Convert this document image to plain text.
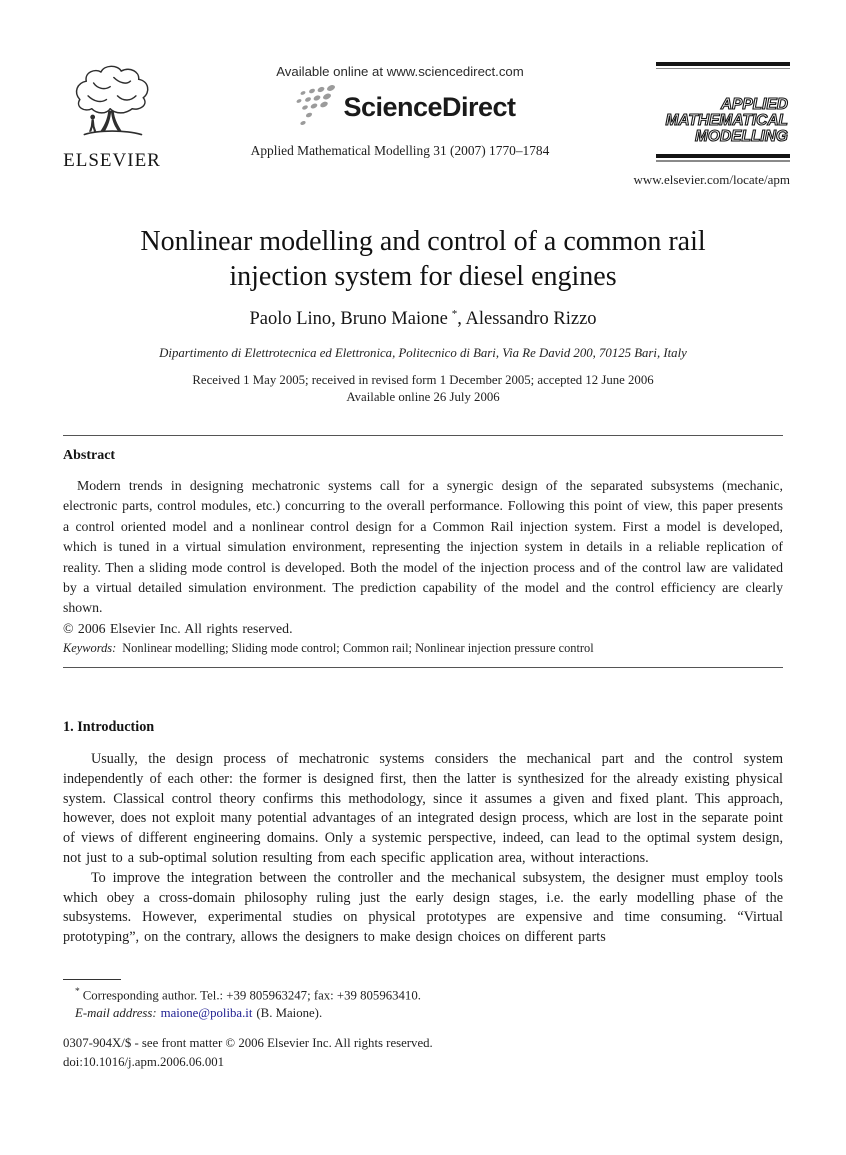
ELSEVIER
Available online at www.sciencedirect.com
ScienceDirect
Applied Mathematical Modelling 31 (2007) 1770–1784
APPLIED
MATHEMATICAL
MODELLING
www.elsevier.com/locate/apm
Nonlinear modelling and control of a common rail
injection system for diesel engines
Paolo Lino, Bruno Maione *, Alessandro Rizzo
Dipartimento di Elettrotecnica ed Elettronica, Politecnico di Bari, Via Re David 200, 70125 Bari, Italy
Received 1 May 2005; received in revised form 1 December 2005; accepted 12 June 2006
Available online 26 July 2006
Abstract

Modern trends in designing mechatronic systems call for a synergic design of the separated subsystems (mechanic, electronic parts, control modules, etc.) concurring to the overall performance. Following this point of view, this paper presents a control oriented model and a nonlinear control design for a Common Rail injection system. First a model is developed, which is tuned in a virtual simulation environment, representing the injection system in details in a reliable replication of reality. Then a sliding mode control is developed. Both the model of the injection process and of the control law are validated by a virtual detailed simulation environment. The prediction capability of the model and the control efficiency are clearly shown.

© 2006 Elsevier Inc. All rights reserved.

Keywords: Nonlinear modelling; Sliding mode control; Common rail; Nonlinear injection pressure control
1. Introduction

Usually, the design process of mechatronic systems considers the mechanical part and the control system independently of each other: the former is designed first, then the latter is synthesized for the already existing physical system. Classical control theory confirms this methodology, since it assumes a given and fixed plant. This approach, however, does not exploit many potential advantages of an integrated design process, which are lost in the separate point of views of different engineering domains. Only a systemic perspective, indeed, can lead to the optimal system design, not just to a sub-optimal solution resulting from each specific application area, without interactions.

To improve the integration between the controller and the mechanical subsystem, the designer must employ tools which obey a cross-domain philosophy ruling just the early design stages, i.e. the early modelling phase of the subsystems. However, experimental studies on physical prototypes are expensive and time consuming. “Virtual prototyping”, on the contrary, allows the designers to make design choices on different parts

* Corresponding author. Tel.: +39 805963247; fax: +39 805963410.
E-mail address: maione@poliba.it (B. Maione).
0307-904X/$ - see front matter © 2006 Elsevier Inc. All rights reserved.
doi:10.1016/j.apm.2006.06.001
